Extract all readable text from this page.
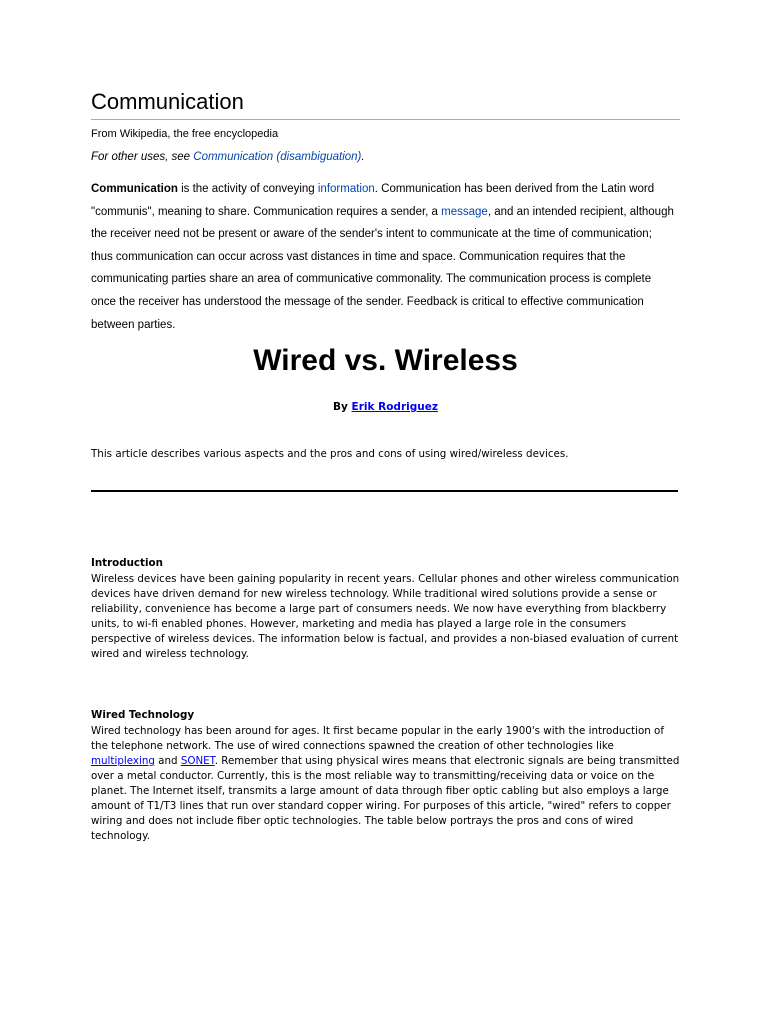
Communication
From Wikipedia, the free encyclopedia
For other uses, see Communication (disambiguation).
Communication is the activity of conveying information. Communication has been derived from the Latin word "communis", meaning to share. Communication requires a sender, a message, and an intended recipient, although the receiver need not be present or aware of the sender's intent to communicate at the time of communication; thus communication can occur across vast distances in time and space. Communication requires that the communicating parties share an area of communicative commonality. The communication process is complete once the receiver has understood the message of the sender. Feedback is critical to effective communication between parties.
Wired vs. Wireless
By Erik Rodriguez
This article describes various aspects and the pros and cons of using wired/wireless devices.
Introduction
Wireless devices have been gaining popularity in recent years. Cellular phones and other wireless communication devices have driven demand for new wireless technology. While traditional wired solutions provide a sense or reliability, convenience has become a large part of consumers needs. We now have everything from blackberry units, to wi-fi enabled phones. However, marketing and media has played a large role in the consumers perspective of wireless devices. The information below is factual, and provides a non-biased evaluation of current wired and wireless technology.
Wired Technology
Wired technology has been around for ages. It first became popular in the early 1900's with the introduction of the telephone network. The use of wired connections spawned the creation of other technologies like multiplexing and SONET. Remember that using physical wires means that electronic signals are being transmitted over a metal conductor. Currently, this is the most reliable way to transmitting/receiving data or voice on the planet. The Internet itself, transmits a large amount of data through fiber optic cabling but also employs a large amount of T1/T3 lines that run over standard copper wiring. For purposes of this article, "wired" refers to copper wiring and does not include fiber optic technologies. The table below portrays the pros and cons of wired technology.
